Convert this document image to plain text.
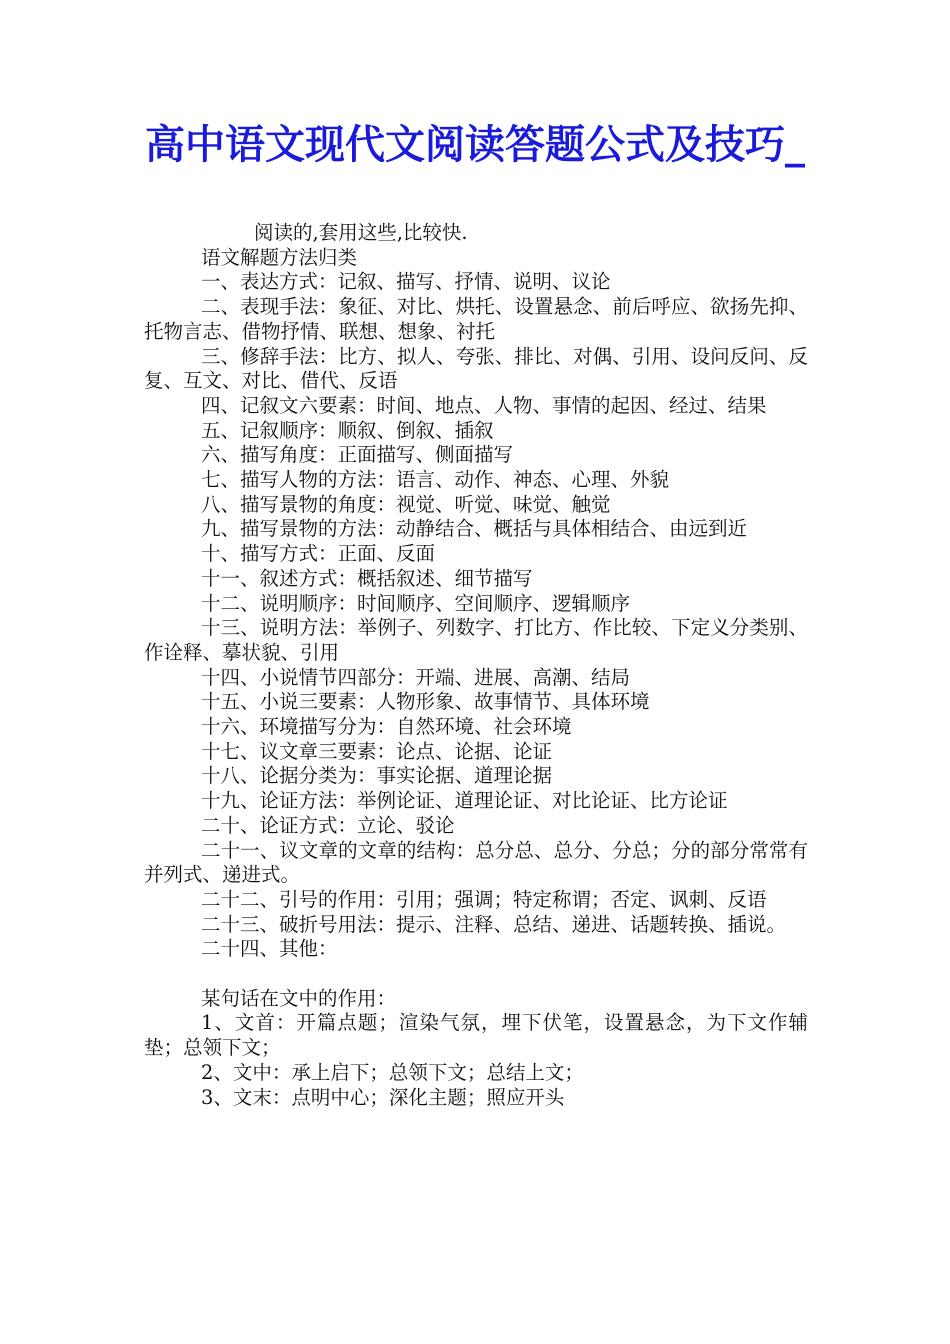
高中语文现代文阅读答题公式及技巧_

阅读的,套用这些,比较快.

语文解题方法归类

一、表达方式：记叙、描写、抒情、说明、议论

二、表现手法：象征、对比、烘托、设置悬念、前后呼应、欲扬先抑、托物言志、借物抒情、联想、想象、衬托

三、修辞手法：比方、拟人、夸张、排比、对偶、引用、设问反问、反复、互文、对比、借代、反语

四、记叙文六要素：时间、地点、人物、事情的起因、经过、结果

五、记叙顺序：顺叙、倒叙、插叙

六、描写角度：正面描写、侧面描写

七、描写人物的方法：语言、动作、神态、心理、外貌

八、描写景物的角度：视觉、听觉、味觉、触觉

九、描写景物的方法：动静结合、概括与具体相结合、由远到近

十、描写方式：正面、反面

十一、叙述方式：概括叙述、细节描写

十二、说明顺序：时间顺序、空间顺序、逻辑顺序

十三、说明方法：举例子、列数字、打比方、作比较、下定义分类别、作诠释、摹状貌、引用

十四、小说情节四部分：开端、进展、高潮、结局

十五、小说三要素：人物形象、故事情节、具体环境

十六、环境描写分为：自然环境、社会环境

十七、议文章三要素：论点、论据、论证

十八、论据分类为：事实论据、道理论据

十九、论证方法：举例论证、道理论证、对比论证、比方论证

二十、论证方式：立论、驳论

二十一、议文章的文章的结构：总分总、总分、分总；分的部分常常有并列式、递进式。

二十二、引号的作用：引用；强调；特定称谓；否定、讽刺、反语

二十三、破折号用法：提示、注释、总结、递进、话题转换、插说。

二十四、其他：

某句话在文中的作用：

1、文首：开篇点题；渲染气氛，埋下伏笔，设置悬念，为下文作辅垫；总领下文；

2、文中：承上启下；总领下文；总结上文；

3、文末：点明中心；深化主题；照应开头
